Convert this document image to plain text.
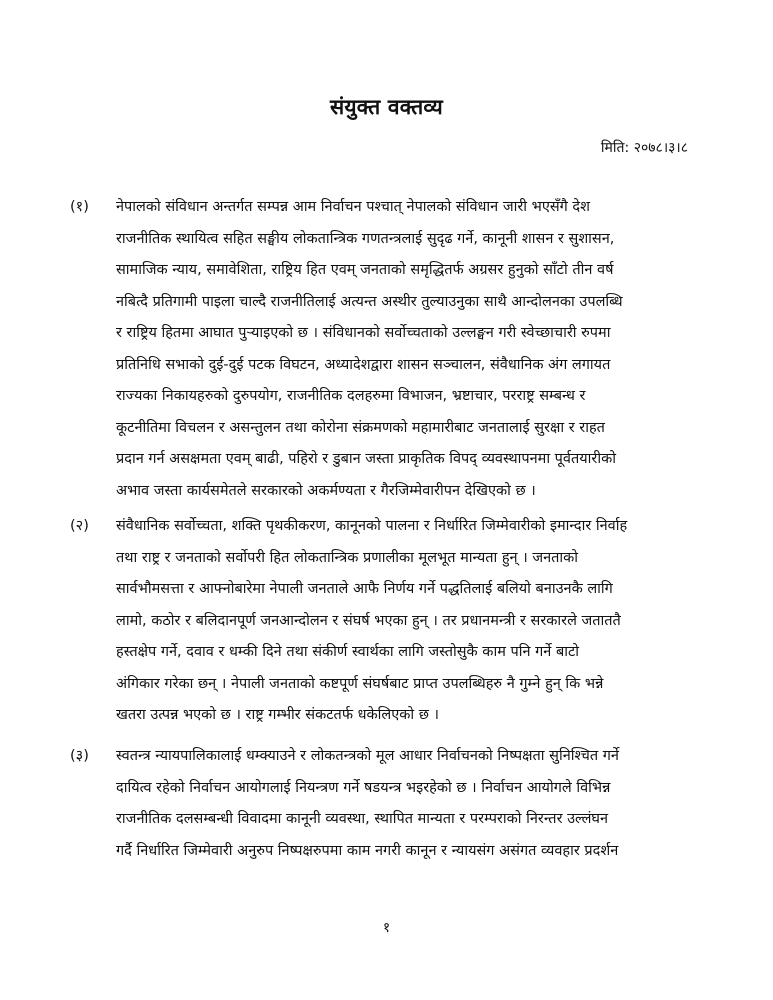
संयुक्त वक्तव्य
मिति: २०७८।३।८
(१) नेपालको संविधान अन्तर्गत सम्पन्न आम निर्वाचन पश्चात् नेपालको संविधान जारी भएसँगै देश
राजनीतिक स्थायित्व सहित सङ्घीय लोकतान्त्रिक गणतन्त्रलाई सुदृढ गर्ने, कानूनी शासन र सुशासन,
सामाजिक न्याय, समावेशिता, राष्ट्रिय हित एवम् जनताको समृद्धितर्फ अग्रसर हुनुको साँटो तीन वर्ष
नबित्दै प्रतिगामी पाइला चाल्दै राजनीतिलाई अत्यन्त अस्थीर तुल्याउनुका साथै आन्दोलनका उपलब्धि
र राष्ट्रिय हितमा आघात पुऱ्याइएको छ । संविधानको सर्वोच्चताको उल्लङ्घन गरी स्वेच्छाचारी रुपमा
प्रतिनिधि सभाको दुई-दुई पटक विघटन, अध्यादेशद्वारा शासन सञ्चालन, संवैधानिक अंग लगायत
राज्यका निकायहरुको दुरुपयोग, राजनीतिक दलहरुमा विभाजन, भ्रष्टाचार, परराष्ट्र सम्बन्ध र
कूटनीतिमा विचलन र असन्तुलन तथा कोरोना संक्रमणको महामारीबाट जनतालाई सुरक्षा र राहत
प्रदान गर्न असक्षमता एवम् बाढी, पहिरो र डुबान जस्ता प्राकृतिक विपद् व्यवस्थापनमा पूर्वतयारीको
अभाव जस्ता कार्यसमेतले सरकारको अकर्मण्यता र गैरजिम्मेवारीपन देखिएको छ ।
(२) संवैधानिक सर्वोच्चता, शक्ति पृथकीकरण, कानूनको पालना र निर्धारित जिम्मेवारीको इमान्दार निर्वाह
तथा राष्ट्र र जनताको सर्वोपरी हित लोकतान्त्रिक प्रणालीका मूलभूत मान्यता हुन् । जनताको
सार्वभौमसत्ता र आफ्नोबारेमा नेपाली जनताले आफै निर्णय गर्ने पद्धतिलाई बलियो बनाउनकै लागि
लामो, कठोर र बलिदानपूर्ण जनआन्दोलन र संघर्ष भएका हुन् । तर प्रधानमन्त्री र सरकारले जताततै
हस्तक्षेप गर्ने, दवाव र धम्की दिने तथा संकीर्ण स्वार्थका लागि जस्तोसुकै काम पनि गर्ने बाटो
अंगिकार गरेका छन् । नेपाली जनताको कष्टपूर्ण संघर्षबाट प्राप्त उपलब्धिहरु नै गुम्ने हुन् कि भन्ने
खतरा उत्पन्न भएको छ । राष्ट्र गम्भीर संकटतर्फ धकेलिएको छ ।
(३) स्वतन्त्र न्यायपालिकालाई धम्क्याउने र लोकतन्त्रको मूल आधार निर्वाचनको निष्पक्षता सुनिश्चित गर्ने
दायित्व रहेको निर्वाचन आयोगलाई नियन्त्रण गर्ने षडयन्त्र भइरहेको छ । निर्वाचन आयोगले विभिन्न
राजनीतिक दलसम्बन्धी विवादमा कानूनी व्यवस्था, स्थापित मान्यता र परम्पराको निरन्तर उल्लंघन
गर्दै निर्धारित जिम्मेवारी अनुरुप निष्पक्षरुपमा काम नगरी कानून र न्यायसंग असंगत व्यवहार प्रदर्शन
१
